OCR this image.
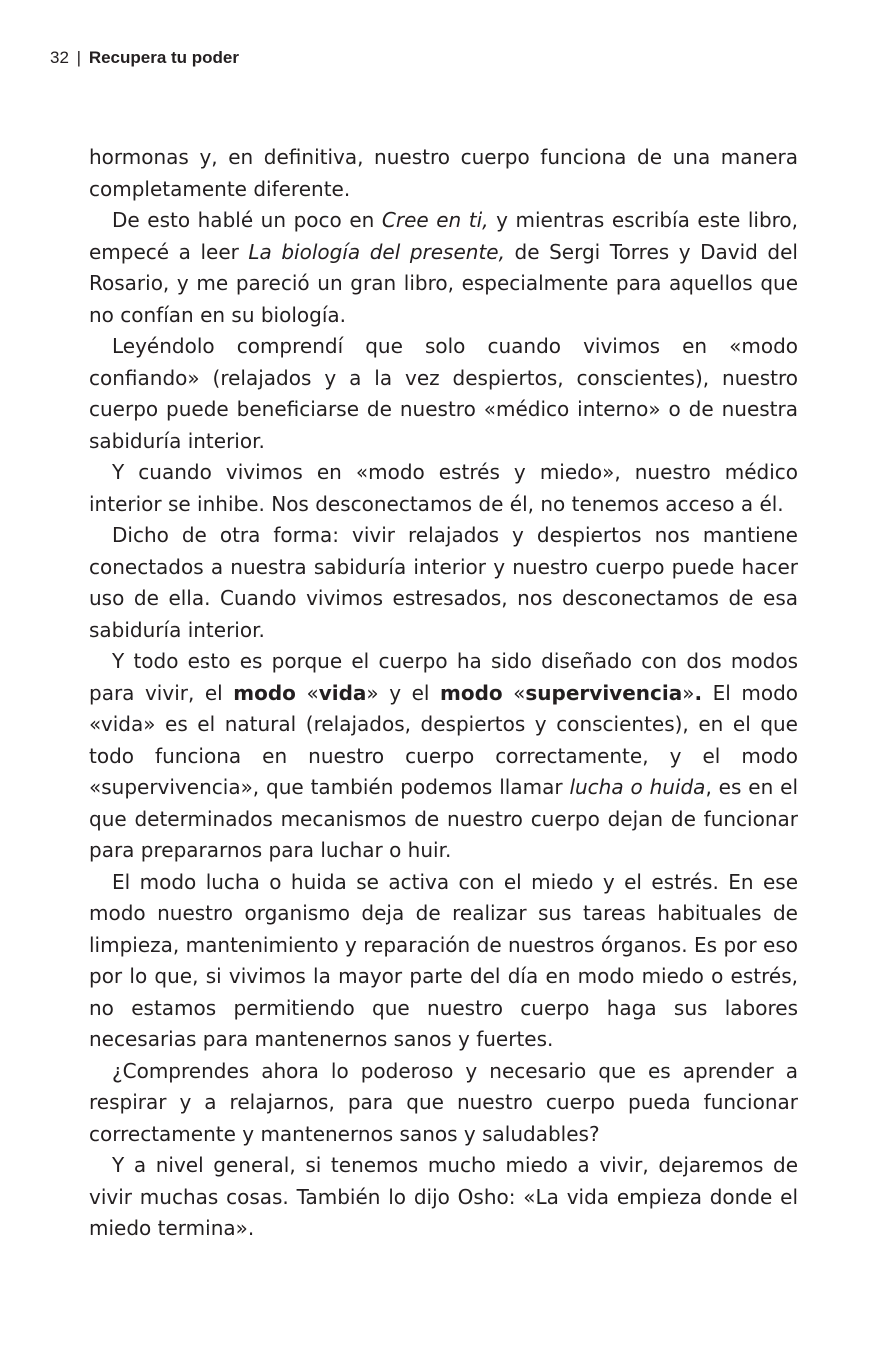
32 | Recupera tu poder

hormonas y, en definitiva, nuestro cuerpo funciona de una manera completamente diferente.

De esto hablé un poco en Cree en ti, y mientras escribía este libro, empecé a leer La biología del presente, de Sergi Torres y David del Rosario, y me pareció un gran libro, especialmente para aquellos que no confían en su biología.

Leyéndolo comprendí que solo cuando vivimos en «modo confiando» (relajados y a la vez despiertos, conscientes), nuestro cuerpo puede beneficiarse de nuestro «médico interno» o de nuestra sabiduría interior.

Y cuando vivimos en «modo estrés y miedo», nuestro médico interior se inhibe. Nos desconectamos de él, no tenemos acceso a él.

Dicho de otra forma: vivir relajados y despiertos nos mantiene conectados a nuestra sabiduría interior y nuestro cuerpo puede hacer uso de ella. Cuando vivimos estresados, nos desconectamos de esa sabiduría interior.

Y todo esto es porque el cuerpo ha sido diseñado con dos modos para vivir, el modo «vida» y el modo «supervivencia». El modo «vida» es el natural (relajados, despiertos y conscientes), en el que todo funciona en nuestro cuerpo correctamente, y el modo «supervivencia», que también podemos llamar lucha o huida, es en el que determinados mecanismos de nuestro cuerpo dejan de funcionar para prepararnos para luchar o huir.

El modo lucha o huida se activa con el miedo y el estrés. En ese modo nuestro organismo deja de realizar sus tareas habituales de limpieza, mantenimiento y reparación de nuestros órganos. Es por eso por lo que, si vivimos la mayor parte del día en modo miedo o estrés, no estamos permitiendo que nuestro cuerpo haga sus labores necesarias para mantenernos sanos y fuertes.

¿Comprendes ahora lo poderoso y necesario que es aprender a respirar y a relajarnos, para que nuestro cuerpo pueda funcionar correctamente y mantenernos sanos y saludables?

Y a nivel general, si tenemos mucho miedo a vivir, dejaremos de vivir muchas cosas. También lo dijo Osho: «La vida empieza donde el miedo termina».
